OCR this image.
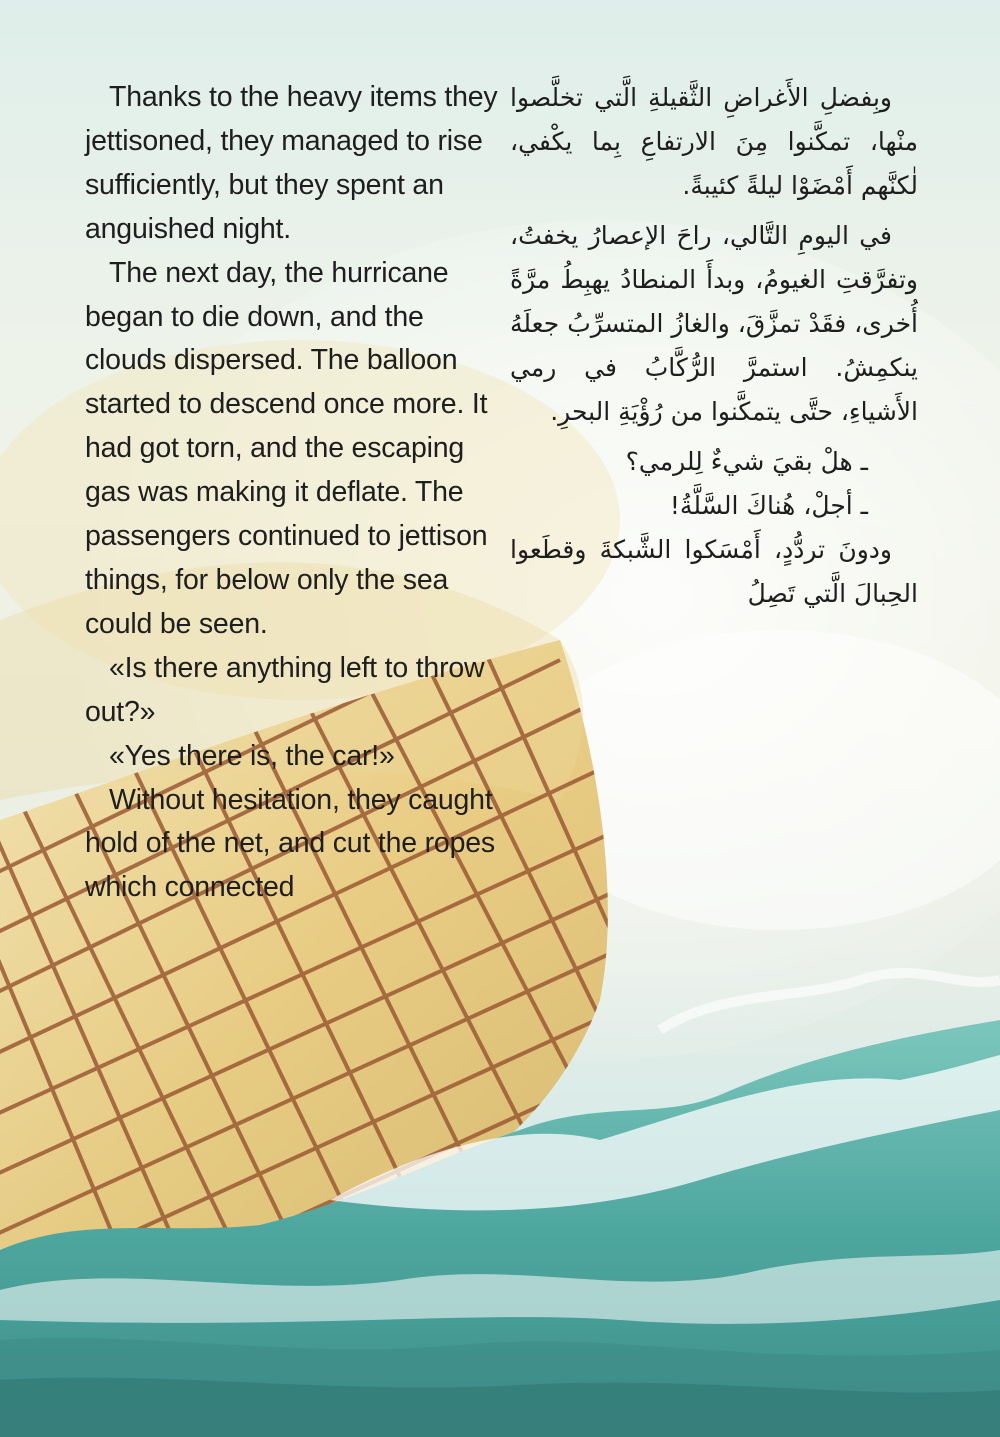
Thanks to the heavy items they jettisoned, they managed to rise sufficiently, but they spent an anguished night.

The next day, the hurricane began to die down, and the clouds dispersed. The balloon started to descend once more. It had got torn, and the escaping gas was making it deflate. The passengers continued to jettison things, for below only the sea could be seen.

«Is there anything left to throw out?»

«Yes there is, the car!»

Without hesitation, they caught hold of the net, and cut the ropes which connected

وبِفضلِ الأَغراضِ الثَّقيلةِ الَّتي تخلَّصوا منْها، تمكَّنوا مِنَ الارتفاعِ بِما يكْفي، لٰكنَّهم أَمْضَوْا ليلةً كئيبةً.

في اليومِ التَّالي، راحَ الإعصارُ يخفتُ، وتفرَّقتِ الغيومُ، وبدأَ المنطادُ يهبِطُ مرَّةً أُخرى، فقَدْ تمزَّقَ، والغازُ المتسرِّبُ جعلَهُ ينكمِشُ. استمرَّ الرُّكَّابُ في رمي الأَشياءِ، حتَّى يتمكَّنوا من رُؤْيَةِ البحرِ.

ـ هلْ بقيَ شيءٌ لِلرمي؟

ـ أجلْ، هُناكَ السَّلَّةُ!

ودونَ تردُّدٍ، أَمْسَكوا الشَّبكةَ وقطَعوا الحِبالَ الَّتي تَصِلُ
